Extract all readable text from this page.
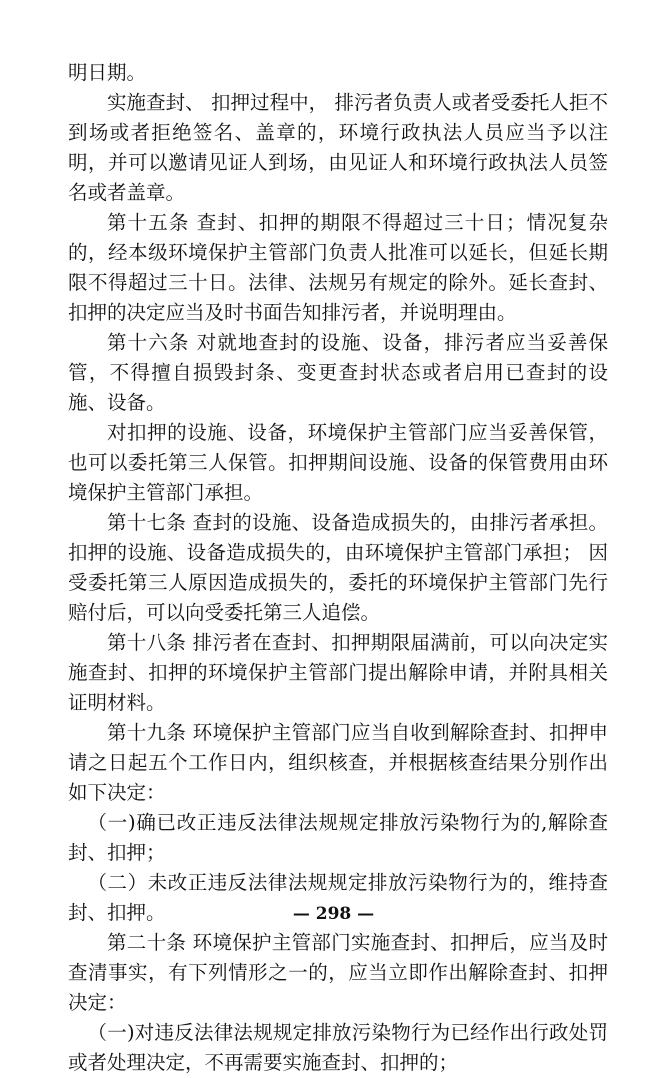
明日期。

实施查封、 扣押过程中， 排污者负责人或者受委托人拒不到场或者拒绝签名、盖章的，环境行政执法人员应当予以注明，并可以邀请见证人到场，由见证人和环境行政执法人员签名或者盖章。

第十五条 查封、扣押的期限不得超过三十日；情况复杂的，经本级环境保护主管部门负责人批准可以延长，但延长期限不得超过三十日。法律、法规另有规定的除外。延长查封、扣押的决定应当及时书面告知排污者，并说明理由。

第十六条 对就地查封的设施、设备，排污者应当妥善保管，不得擅自损毁封条、变更查封状态或者启用已查封的设施、设备。

对扣押的设施、设备，环境保护主管部门应当妥善保管，也可以委托第三人保管。扣押期间设施、设备的保管费用由环境保护主管部门承担。

第十七条 查封的设施、设备造成损失的，由排污者承担。扣押的设施、设备造成损失的，由环境保护主管部门承担； 因受委托第三人原因造成损失的，委托的环境保护主管部门先行赔付后，可以向受委托第三人追偿。

第十八条 排污者在查封、扣押期限届满前，可以向决定实施查封、扣押的环境保护主管部门提出解除申请，并附具相关证明材料。

第十九条 环境保护主管部门应当自收到解除查封、扣押申请之日起五个工作日内，组织核查，并根据核查结果分别作出如下决定：

（一)确已改正违反法律法规规定排放污染物行为的,解除查封、扣押；

（二）未改正违反法律法规规定排放污染物行为的，维持查封、扣押。

第二十条 环境保护主管部门实施查封、扣押后，应当及时查清事实，有下列情形之一的，应当立即作出解除查封、扣押决定：

（一)对违反法律法规规定排放污染物行为已经作出行政处罚或者处理决定，不再需要实施查封、扣押的；

— 298 —
